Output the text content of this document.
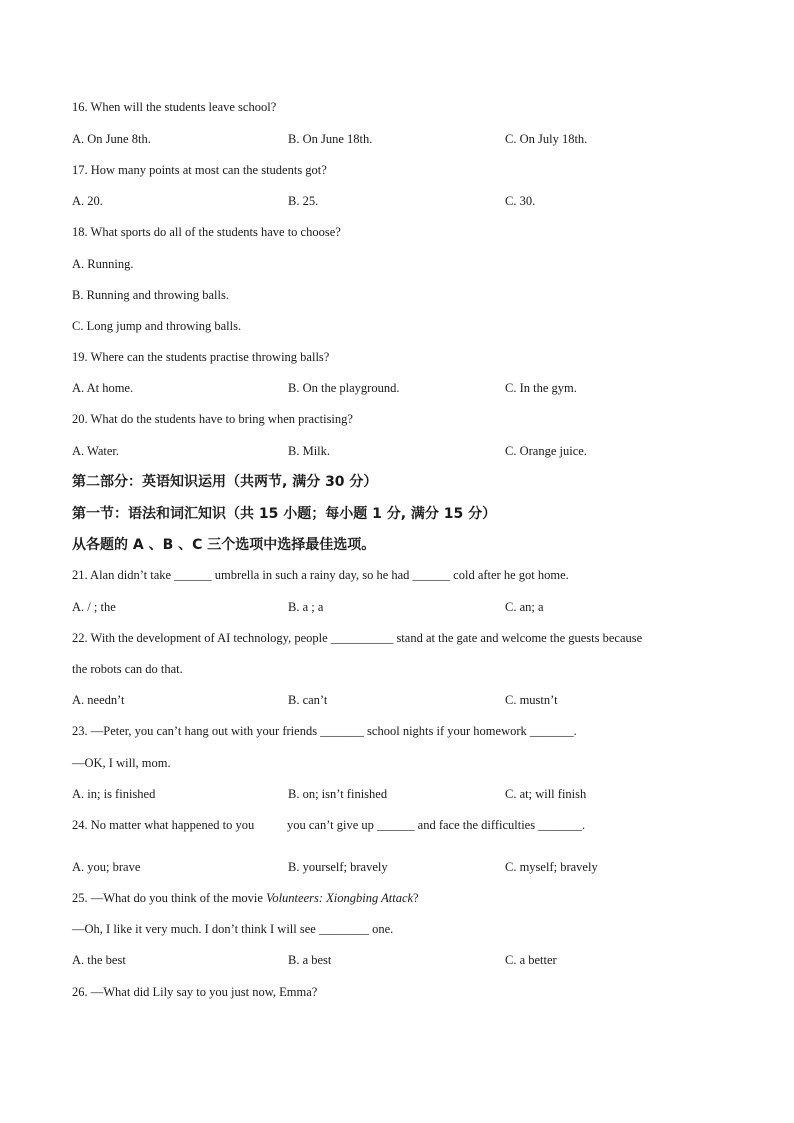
16. When will the students leave school?
A. On June 8th.	B. On June 18th.	C. On July 18th.
17. How many points at most can the students got?
A. 20.	B. 25.	C. 30.
18. What sports do all of the students have to choose?
A. Running.
B. Running and throwing balls.
C. Long jump and throwing balls.
19. Where can the students practise throwing balls?
A. At home.	B. On the playground.	C. In the gym.
20. What do the students have to bring when practising?
A. Water.	B. Milk.	C. Orange juice.
第二部分：英语知识运用（共两节, 满分 30 分）
第一节：语法和词汇知识（共 15 小题；每小题 1 分, 满分 15 分）
从各题的 A 、B 、C 三个选项中选择最佳选项。
21. Alan didn’t take ______ umbrella in such a rainy day, so he had ______ cold after he got home.
A. / ; the	B. a ; a	C. an; a
22. With the development of AI technology, people __________ stand at the gate and welcome the guests because
the robots can do that.
A. needn’t	B. can’t	C. mustn’t
23. —Peter, you can’t hang out with your friends _______ school nights if your homework _______.
—OK, I will, mom.
A. in; is finished	B. on; isn’t finished	C. at; will finish
24. No matter what happened to you	you can’t give up ______ and face the difficulties _______.
A. you; brave	B. yourself; bravely	C. myself; bravely
25. —What do you think of the movie Volunteers: Xiongbing Attack?
—Oh, I like it very much. I don’t think I will see ________ one.
A. the best	B. a best	C. a better
26. —What did Lily say to you just now, Emma?
